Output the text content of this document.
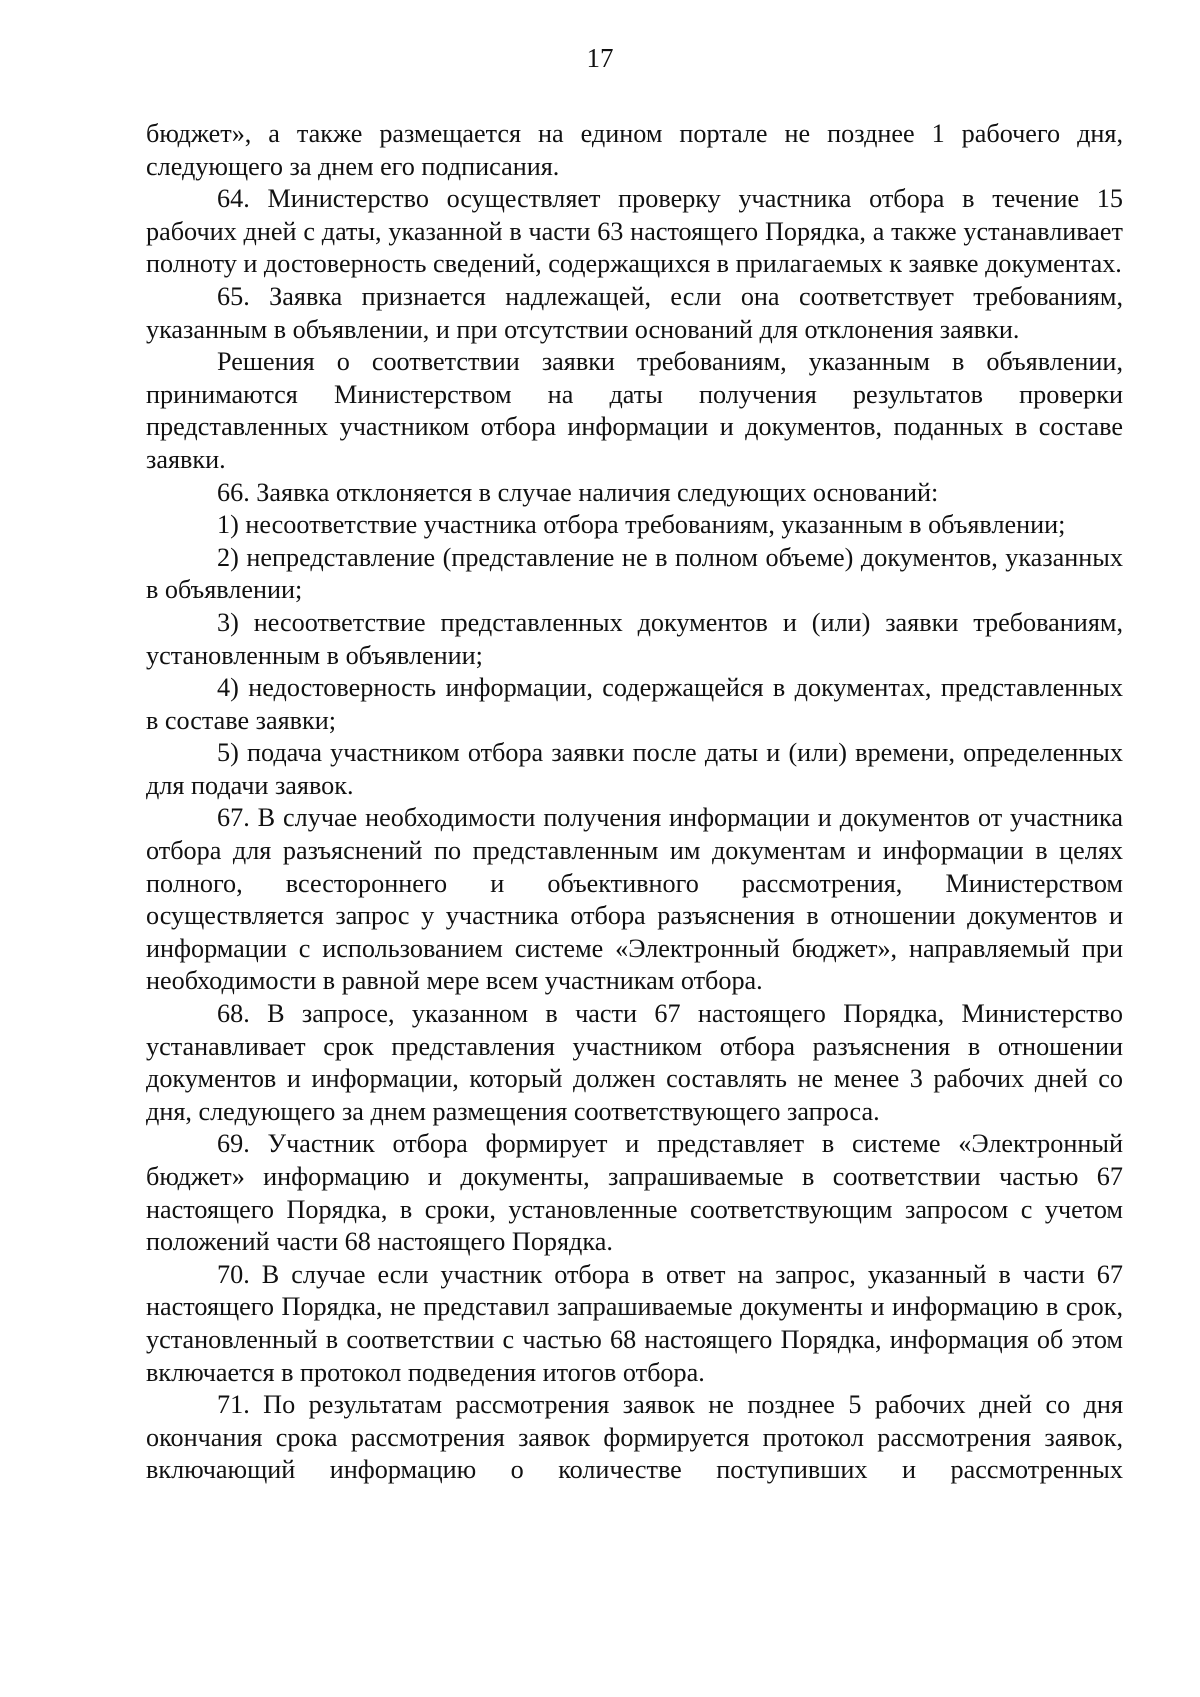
17

бюджет», а также размещается на едином портале не позднее 1 рабочего дня, следующего за днем его подписания.

64. Министерство осуществляет проверку участника отбора в течение 15 рабочих дней с даты, указанной в части 63 настоящего Порядка, а также устанавливает полноту и достоверность сведений, содержащихся в прилагаемых к заявке документах.

65. Заявка признается надлежащей, если она соответствует требованиям, указанным в объявлении, и при отсутствии оснований для отклонения заявки.

Решения о соответствии заявки требованиям, указанным в объявлении, принимаются Министерством на даты получения результатов проверки представленных участником отбора информации и документов, поданных в составе заявки.

66. Заявка отклоняется в случае наличия следующих оснований:

1) несоответствие участника отбора требованиям, указанным в объявлении;

2) непредставление (представление не в полном объеме) документов, указанных в объявлении;

3) несоответствие представленных документов и (или) заявки требованиям, установленным в объявлении;

4) недостоверность информации, содержащейся в документах, представленных в составе заявки;

5) подача участником отбора заявки после даты и (или) времени, определенных для подачи заявок.

67. В случае необходимости получения информации и документов от участника отбора для разъяснений по представленным им документам и информации в целях полного, всестороннего и объективного рассмотрения, Министерством осуществляется запрос у участника отбора разъяснения в отношении документов и информации с использованием системе «Электронный бюджет», направляемый при необходимости в равной мере всем участникам отбора.

68. В запросе, указанном в части 67 настоящего Порядка, Министерство устанавливает срок представления участником отбора разъяснения в отношении документов и информации, который должен составлять не менее 3 рабочих дней со дня, следующего за днем размещения соответствующего запроса.

69. Участник отбора формирует и представляет в системе «Электронный бюджет» информацию и документы, запрашиваемые в соответствии частью 67 настоящего Порядка, в сроки, установленные соответствующим запросом с учетом положений части 68 настоящего Порядка.

70. В случае если участник отбора в ответ на запрос, указанный в части 67 настоящего Порядка, не представил запрашиваемые документы и информацию в срок, установленный в соответствии с частью 68 настоящего Порядка, информация об этом включается в протокол подведения итогов отбора.

71. По результатам рассмотрения заявок не позднее 5 рабочих дней со дня окончания срока рассмотрения заявок формируется протокол рассмотрения заявок, включающий информацию о количестве поступивших и рассмотренных
